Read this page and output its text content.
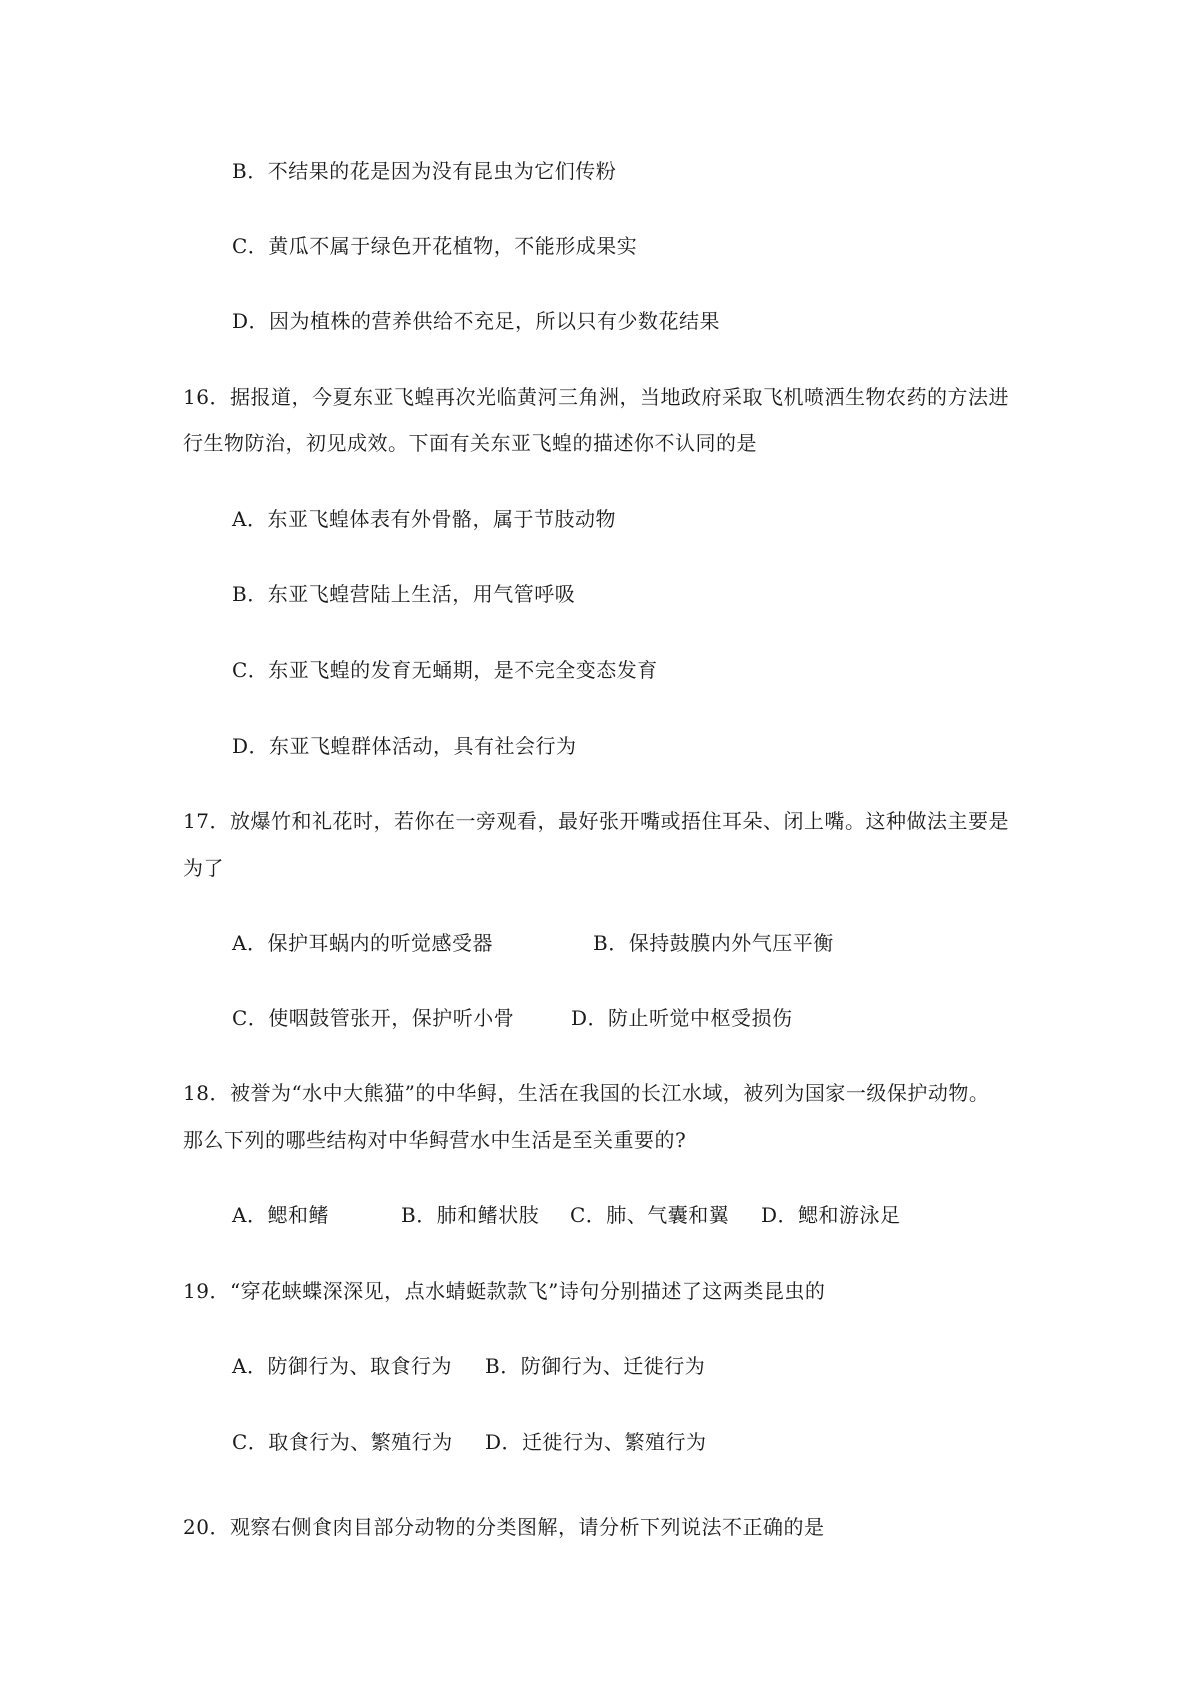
B．不结果的花是因为没有昆虫为它们传粉
C．黄瓜不属于绿色开花植物，不能形成果实
D．因为植株的营养供给不充足，所以只有少数花结果
16．据报道，今夏东亚飞蝗再次光临黄河三角洲，当地政府采取飞机喷洒生物农药的方法进
行生物防治，初见成效。下面有关东亚飞蝗的描述你不认同的是
A．东亚飞蝗体表有外骨骼，属于节肢动物
B．东亚飞蝗营陆上生活，用气管呼吸
C．东亚飞蝗的发育无蛹期，是不完全变态发育
D．东亚飞蝗群体活动，具有社会行为
17．放爆竹和礼花时，若你在一旁观看，最好张开嘴或捂住耳朵、闭上嘴。这种做法主要是
为了
A．保护耳蜗内的听觉感受器	B．保持鼓膜内外气压平衡
C．使咽鼓管张开，保护听小骨	D．防止听觉中枢受损伤
18．被誉为“水中大熊猫”的中华鲟，生活在我国的长江水域，被列为国家一级保护动物。
那么下列的哪些结构对中华鲟营水中生活是至关重要的?
A．鳃和鳍	B．肺和鳍状肢 C．肺、气囊和翼 D．鳃和游泳足
19．“穿花蛱蝶深深见，点水蜻蜓款款飞”诗句分别描述了这两类昆虫的
A．防御行为、取食行为 B．防御行为、迁徙行为
C．取食行为、繁殖行为 D．迁徙行为、繁殖行为
20．观察右侧食肉目部分动物的分类图解，请分析下列说法不正确的是
